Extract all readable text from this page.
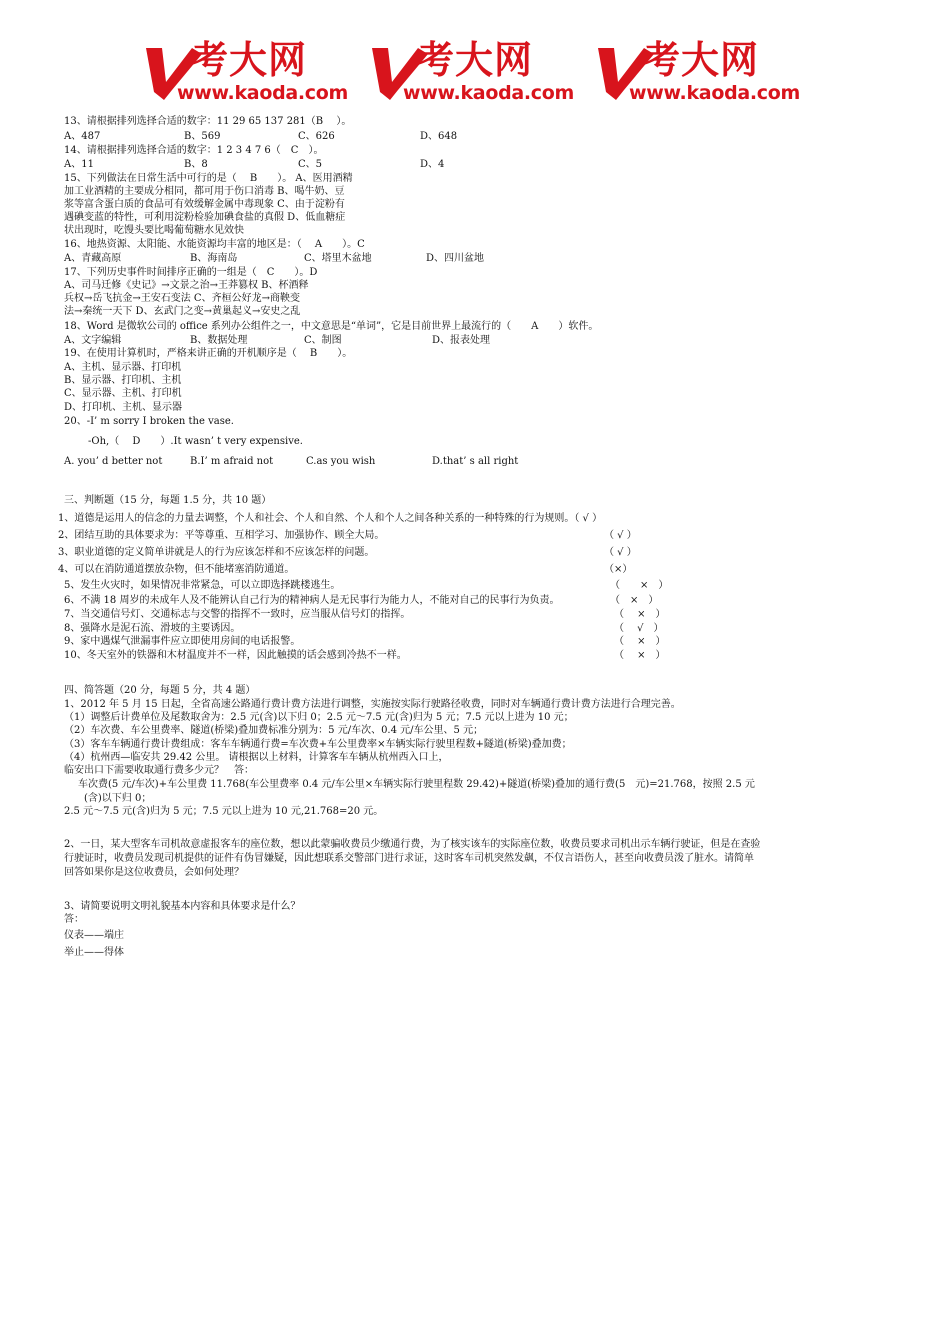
考大网
www.kaoda.com
考大网
www.kaoda.com
考大网
www.kaoda.com
13、请根据排列选择合适的数字：11 29 65 137 281（B　 ）。
A、487	B、569	C、626	D、648
14、请根据排列选择合适的数字：1 2 3 4 7 6（　C　）。
A、11	B、8	C、5	D、4
15、下列做法在日常生活中可行的是（　 B　　）。 A、医用酒精
加工业酒精的主要成分相同，都可用于伤口消毒 B、喝牛奶、豆
浆等富含蛋白质的食品可有效缓解金属中毒现象 C、由于淀粉有
遇碘变蓝的特性，可利用淀粉检验加碘食盐的真假 D、低血糖症
状出现时，吃馒头要比喝葡萄糖水见效快
16、地热资源、太阳能、水能资源均丰富的地区是：（　 A　　）。C
A、青藏高原	B、海南岛	C、塔里木盆地	D、四川盆地
17、下列历史事件时间排序正确的一组是（　C　　）。D
A、司马迁修《史记》→文景之治→王莽篡权 B、杯酒释
兵权→岳飞抗金→王安石变法 C、齐桓公好龙→商鞅变
法→秦统一天下 D、玄武门之变→黄巢起义→安史之乱
18、Word 是微软公司的 office 系列办公组件之一，中文意思是“单词”，它是目前世界上最流行的（　　A　　）软件。
A、文字编辑	B、数据处理	C、制图	D、报表处理
19、在使用计算机时，严格来讲正确的开机顺序是（　 B　　）。
A、主机、显示器、打印机
B、显示器、打印机、主机
C、显示器、主机、打印机
D、打印机、主机、显示器
20、-I’ m sorry I broken the vase.
-Oh,（　 D　　）.It wasn’ t very expensive.
A. you’ d better not	B.I’ m afraid not	C.as you wish	D.that’ s all right
三、判断题（15 分，每题 1.5 分，共 10 题）
1、道德是运用人的信念的力量去调整，个人和社会、个人和自然、个人和个人之间各种关系的一种特殊的行为规则。（ √ ）
2、团结互助的具体要求为：平等尊重、互相学习、加强协作、顾全大局。	（ √ ）
3、职业道德的定义简单讲就是人的行为应该怎样和不应该怎样的问题。	（ √ ）
4、可以在消防通道摆放杂物，但不能堵塞消防通道。	（×）
5、发生火灾时，如果情况非常紧急，可以立即选择跳楼逃生。	（　　×　）
6、不满 18 周岁的未成年人及不能辨认自己行为的精神病人是无民事行为能力人，不能对自己的民事行为负责。	（　×　）
7、当交通信号灯、交通标志与交警的指挥不一致时，应当服从信号灯的指挥。	（　 ×　）
8、强降水是泥石流、滑坡的主要诱因。	（　 √　）
9、家中遇煤气泄漏事件应立即使用房间的电话报警。	（　 ×　）
10、冬天室外的铁器和木材温度并不一样，因此触摸的话会感到冷热不一样。	（　 ×　）
四、简答题（20 分，每题 5 分，共 4 题）
1、2012 年 5 月 15 日起，全省高速公路通行费计费方法进行调整，实施按实际行驶路径收费，同时对车辆通行费计费方法进行合理完善。
（1）调整后计费单位及尾数取舍为：2.5 元(含)以下归 0；2.5 元～7.5 元(含)归为 5 元；7.5 元以上进为 10 元；
（2）车次费、车公里费率、隧道(桥梁)叠加费标准分别为：5 元/车次、0.4 元/车公里、5 元；
（3）客车车辆通行费计费组成：客车车辆通行费=车次费+车公里费率×车辆实际行驶里程数+隧道(桥梁)叠加费；
（4）杭州西—临安共 29.42 公里。 请根据以上材料，计算客车车辆从杭州西入口上，
临安出口下需要收取通行费多少元？　答：
　车次费(5 元/车次)+车公里费 11.768(车公里费率 0.4 元/车公里×车辆实际行驶里程数 29.42)+隧道(桥梁)叠加的通行费(5　元)=21.768，按照 2.5 元
(含)以下归 0；
2.5 元～7.5 元(含)归为 5 元；7.5 元以上进为 10 元,21.768=20 元。
2、一日，某大型客车司机故意虚报客车的座位数，想以此蒙骗收费员少缴通行费，为了核实该车的实际座位数，收费员要求司机出示车辆行驶证，但是在查验
行驶证时，收费员发现司机提供的证件有伪冒嫌疑，因此想联系交警部门进行求证，这时客车司机突然发飙，不仅言语伤人，甚至向收费员泼了脏水。请简单
回答如果你是这位收费员，会如何处理？
3、请简要说明文明礼貌基本内容和具体要求是什么？
答：
仪表——端庄
举止——得体
